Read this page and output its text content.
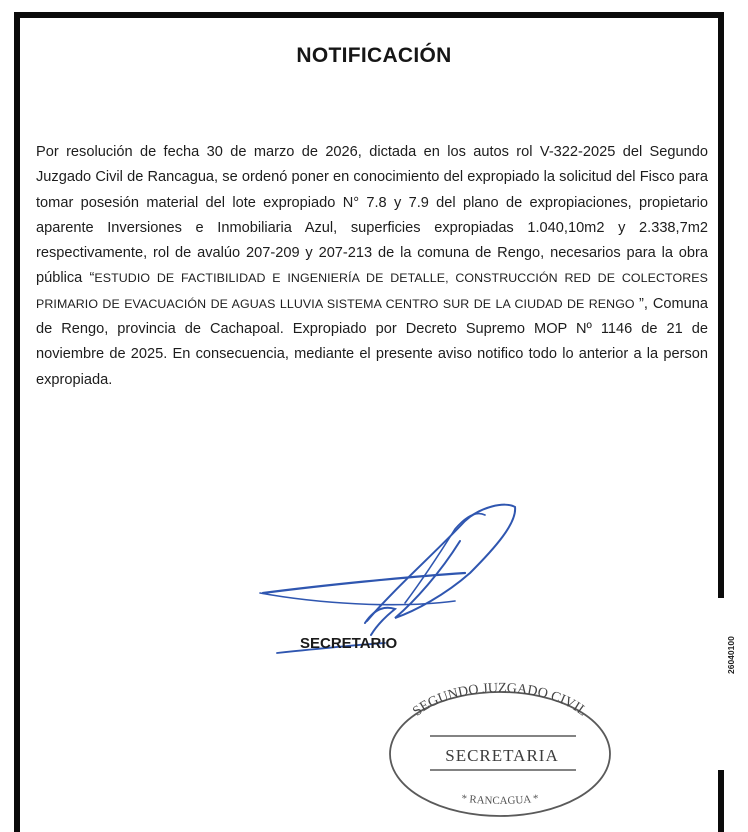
NOTIFICACIÓN

Por resolución de fecha 30 de marzo de 2026, dictada en los autos rol V-322-2025 del Segundo Juzgado Civil de Rancagua, se ordenó poner en conocimiento del expropiado la solicitud del Fisco para tomar posesión material del lote expropiado N° 7.8 y 7.9 del plano de expropiaciones, propietario aparente Inversiones e Inmobiliaria Azul, superficies expropiadas 1.040,10m2 y 2.338,7m2 respectivamente, rol de avalúo 207-209 y 207-213 de la comuna de Rengo, necesarios para la obra pública “ESTUDIO DE FACTIBILIDAD E INGENIERÍA DE DETALLE, CONSTRUCCIÓN RED DE COLECTORES PRIMARIO DE EVACUACIÓN DE AGUAS LLUVIA SISTEMA CENTRO SUR DE LA CIUDAD DE RENGO ”, Comuna de Rengo, provincia de Cachapoal. Expropiado por Decreto Supremo MOP Nº 1146 de 21 de noviembre de 2025. En consecuencia, mediante el presente aviso notifico todo lo anterior a la person expropiada.

SECRETARIO	26040100
SEGUNDO JUZGADO CIVIL
SECRETARIA
* RANCAGUA *
